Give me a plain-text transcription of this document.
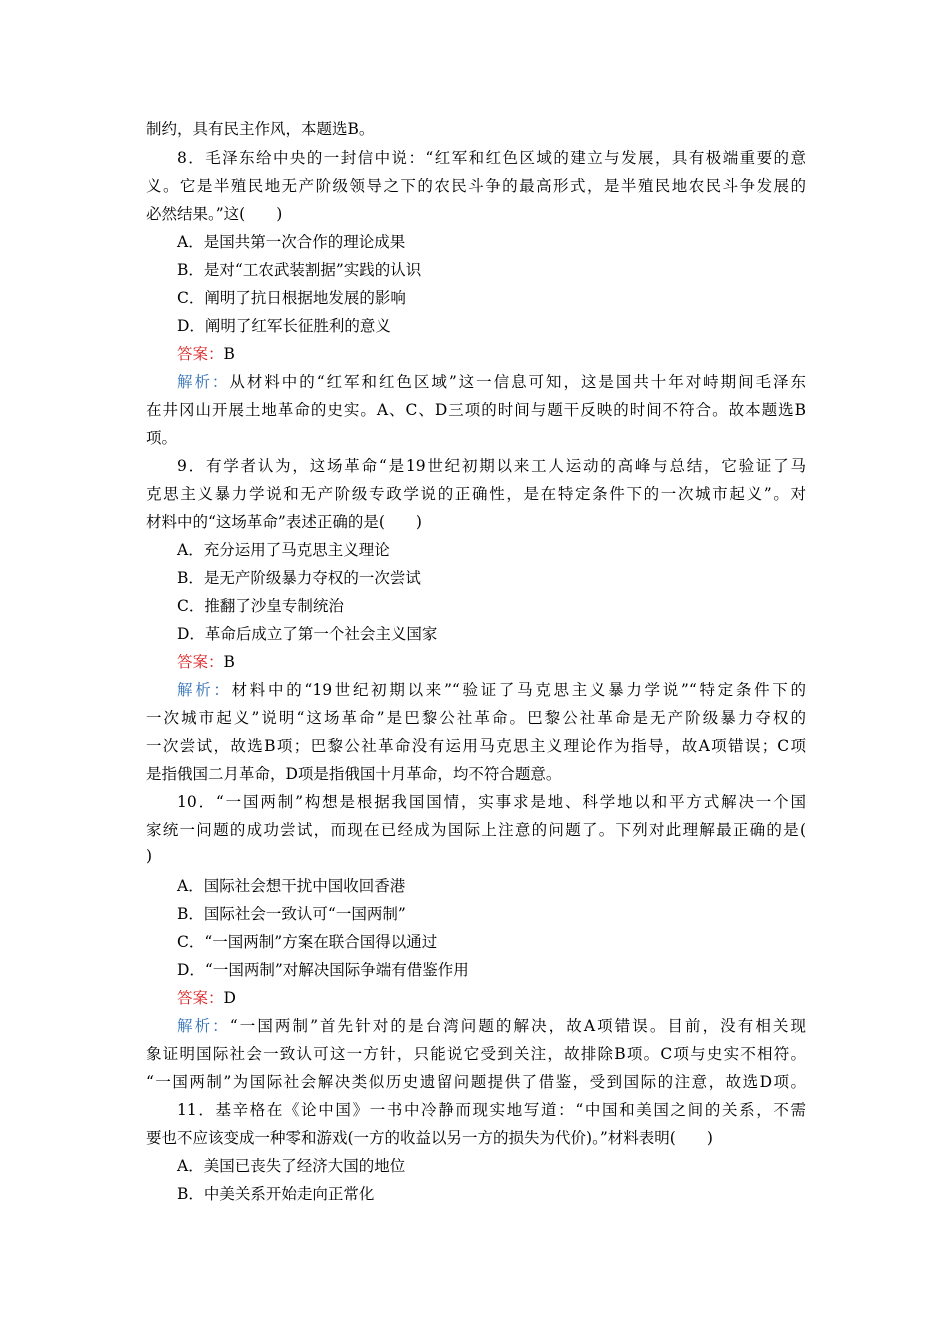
制约，具有民主作风，本题选B。
8．毛泽东给中央的一封信中说：“红军和红色区域的建立与发展，具有极端重要的意
义。它是半殖民地无产阶级领导之下的农民斗争的最高形式，是半殖民地农民斗争发展的
必然结果。”这(　　)
A．是国共第一次合作的理论成果
B．是对“工农武装割据”实践的认识
C．阐明了抗日根据地发展的影响
D．阐明了红军长征胜利的意义
答案：B
解析：从材料中的“红军和红色区域”这一信息可知，这是国共十年对峙期间毛泽东
在井冈山开展土地革命的史实。A、C、D三项的时间与题干反映的时间不符合。故本题选B
项。
9．有学者认为，这场革命“是19世纪初期以来工人运动的高峰与总结，它验证了马
克思主义暴力学说和无产阶级专政学说的正确性，是在特定条件下的一次城市起义”。对
材料中的“这场革命”表述正确的是(　　)
A．充分运用了马克思主义理论
B．是无产阶级暴力夺权的一次尝试
C．推翻了沙皇专制统治
D．革命后成立了第一个社会主义国家
答案：B
解析：材料中的“19世纪初期以来”“验证了马克思主义暴力学说”“特定条件下的
一次城市起义”说明“这场革命”是巴黎公社革命。巴黎公社革命是无产阶级暴力夺权的
一次尝试，故选B项；巴黎公社革命没有运用马克思主义理论作为指导，故A项错误；C项
是指俄国二月革命，D项是指俄国十月革命，均不符合题意。
10．“一国两制”构想是根据我国国情，实事求是地、科学地以和平方式解决一个国
家统一问题的成功尝试，而现在已经成为国际上注意的问题了。下列对此理解最正确的是(
)
A．国际社会想干扰中国收回香港
B．国际社会一致认可“一国两制”
C．“一国两制”方案在联合国得以通过
D．“一国两制”对解决国际争端有借鉴作用
答案：D
解析：“一国两制”首先针对的是台湾问题的解决，故A项错误。目前，没有相关现
象证明国际社会一致认可这一方针，只能说它受到关注，故排除B项。C项与史实不相符。
“一国两制”为国际社会解决类似历史遗留问题提供了借鉴，受到国际的注意，故选D项。
11．基辛格在《论中国》一书中冷静而现实地写道：“中国和美国之间的关系，不需
要也不应该变成一种零和游戏(一方的收益以另一方的损失为代价)。”材料表明(　　)
A．美国已丧失了经济大国的地位
B．中美关系开始走向正常化
